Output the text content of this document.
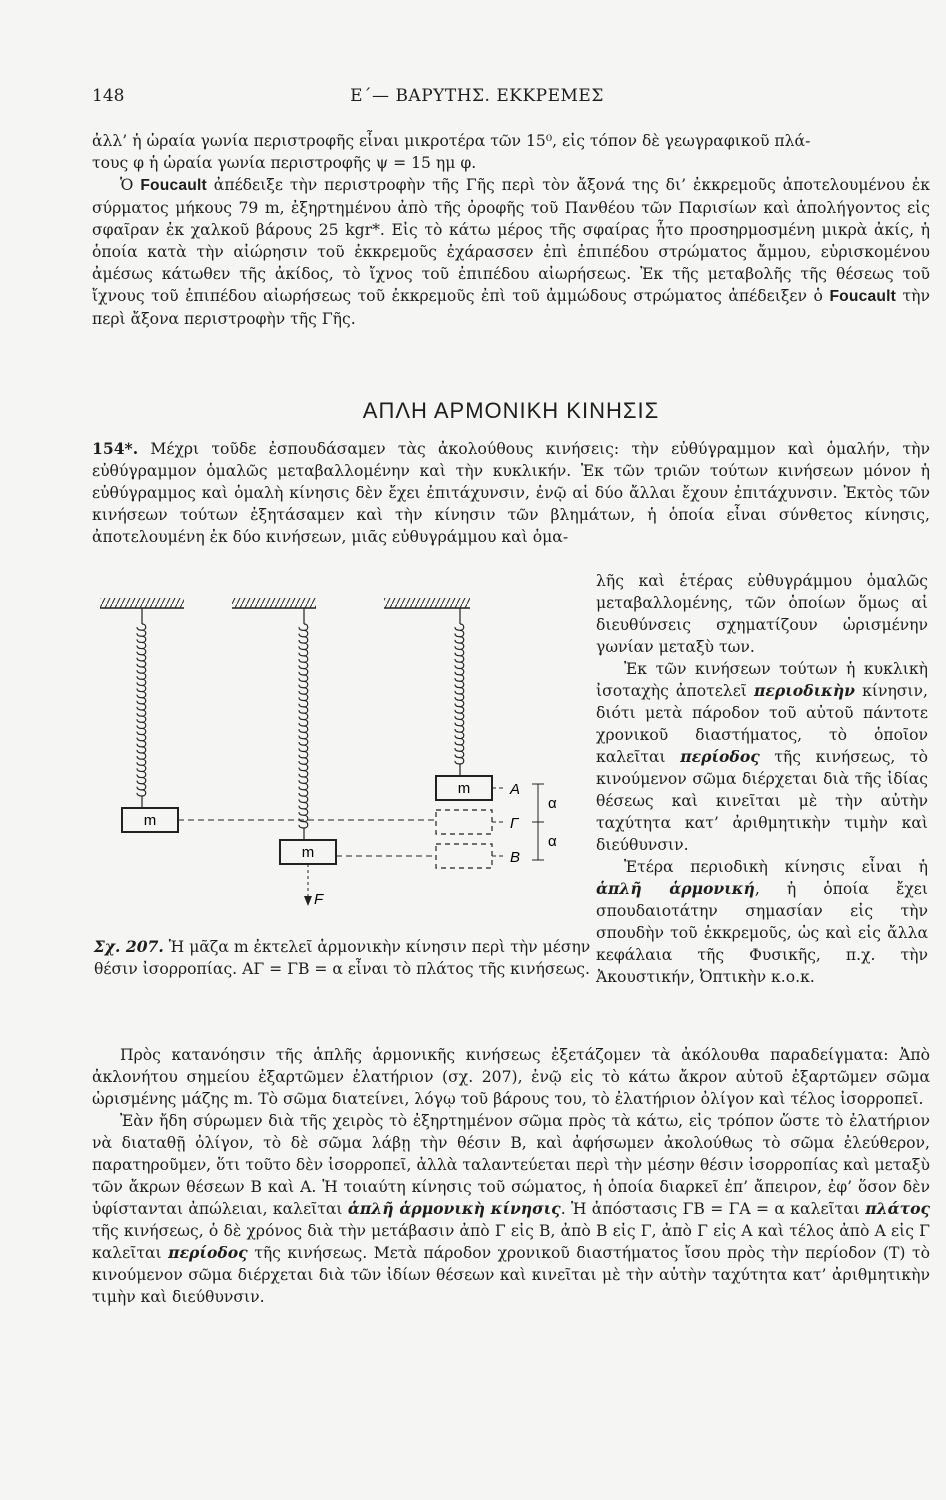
148	Ε΄— ΒΑΡΥΤΗΣ. ΕΚΚΡΕΜΕΣ

ἀλλ’ ἡ ὡραία γωνία περιστροφῆς εἶναι μικροτέρα τῶν 15⁰, εἰς τόπον δὲ γεωγραφικοῦ πλά-

τους φ ἡ ὡραία γωνία περιστροφῆς ψ = 15 ημ φ.

Ὁ Foucault ἀπέδειξε τὴν περιστροφὴν τῆς Γῆς περὶ τὸν ἄξονά της δι’ ἐκκρεμοῦς ἀποτελουμένου ἐκ σύρματος μήκους 79 m, ἐξηρτημένου ἀπὸ τῆς ὀροφῆς τοῦ Πανθέου τῶν Παρισίων καὶ ἀπολήγοντος εἰς σφαῖραν ἐκ χαλκοῦ βάρους 25 kgr*. Εἰς τὸ κάτω μέρος τῆς σφαίρας ἦτο προσηρμοσμένη μικρὰ ἀκίς, ἡ ὁποία κατὰ τὴν αἰώρησιν τοῦ ἐκκρεμοῦς ἐχάρασσεν ἐπὶ ἐπιπέδου στρώματος ἄμμου, εὑρισκομένου ἀμέσως κάτωθεν τῆς ἀκίδος, τὸ ἴχνος τοῦ ἐπιπέδου αἰωρήσεως. Ἐκ τῆς μεταβολῆς τῆς θέσεως τοῦ ἴχνους τοῦ ἐπιπέδου αἰωρήσεως τοῦ ἐκκρεμοῦς ἐπὶ τοῦ ἀμμώδους στρώματος ἀπέδειξεν ὁ Foucault τὴν περὶ ἄξονα περιστροφὴν τῆς Γῆς.

ΑΠΛΗ ΑΡΜΟΝΙΚΗ ΚΙΝΗΣΙΣ

154*. Μέχρι τοῦδε ἐσπουδάσαμεν τὰς ἀκολούθους κινήσεις: τὴν εὐθύγραμμον καὶ ὁμαλήν, τὴν εὐθύγραμμον ὁμαλῶς μεταβαλλομένην καὶ τὴν κυκλικήν. Ἐκ τῶν τριῶν τούτων κινήσεων μόνον ἡ εὐθύγραμμος καὶ ὁμαλὴ κίνησις δὲν ἔχει ἐπιτάχυνσιν, ἐνῷ αἱ δύο ἄλλαι ἔχουν ἐπιτάχυνσιν. Ἐκτὸς τῶν κινήσεων τούτων ἐξητάσαμεν καὶ τὴν κίνησιν τῶν βλημάτων, ἡ ὁποία εἶναι σύνθετος κίνησις, ἀποτελουμένη ἐκ δύο κινήσεων, μιᾶς εὐθυγράμμου καὶ ὁμα-

λῆς καὶ ἑτέρας εὐθυγράμμου ὁμαλῶς μεταβαλλομένης, τῶν ὁποίων ὅμως αἱ διευθύνσεις σχηματίζουν ὡρισμένην γωνίαν μεταξὺ των.

Ἐκ τῶν κινήσεων τούτων ἡ κυκλικὴ ἰσοταχὴς ἀποτελεῖ περιοδικὴν κίνησιν, διότι μετὰ πάροδον τοῦ αὐτοῦ πάντοτε χρονικοῦ διαστήματος, τὸ ὁποῖον καλεῖται περίοδος τῆς κινήσεως, τὸ κινούμενον σῶμα διέρχεται διὰ τῆς ἰδίας θέσεως καὶ κινεῖται μὲ τὴν αὐτὴν ταχύτητα κατ’ ἀριθμητικὴν τιμὴν καὶ διεύθυνσιν.

Ἑτέρα περιοδικὴ κίνησις εἶναι ἡ ἁπλῆ ἁρμονική, ἡ ὁποία ἔχει σπουδαιοτάτην σημασίαν εἰς τὴν σπουδὴν τοῦ ἐκκρεμοῦς, ὡς καὶ εἰς ἄλλα κεφάλαια τῆς Φυσικῆς, π.χ. τὴν Ἀκουστικήν, Ὀπτικὴν κ.ο.κ.

m
m
m	A
Γ
B
α
α
F
Σχ. 207. Ἡ μᾶζα m ἐκτελεῖ ἁρμονικὴν κίνησιν περὶ τὴν μέσην θέσιν ἰσορροπίας. ΑΓ = ΓΒ = α εἶναι τὸ πλάτος τῆς κινήσεως.

Πρὸς κατανόησιν τῆς ἁπλῆς ἁρμονικῆς κινήσεως ἐξετάζομεν τὰ ἀκόλουθα παραδείγματα: Ἀπὸ ἀκλονήτου σημείου ἐξαρτῶμεν ἐλατήριον (σχ. 207), ἐνῷ εἰς τὸ κάτω ἄκρον αὐτοῦ ἐξαρτῶμεν σῶμα ὡρισμένης μάζης m. Τὸ σῶμα διατείνει, λόγῳ τοῦ βάρους του, τὸ ἐλατήριον ὀλίγον καὶ τέλος ἰσορροπεῖ.

Ἐὰν ἤδη σύρωμεν διὰ τῆς χειρὸς τὸ ἐξηρτημένον σῶμα πρὸς τὰ κάτω, εἰς τρόπον ὥστε τὸ ἐλατήριον νὰ διαταθῇ ὀλίγον, τὸ δὲ σῶμα λάβῃ τὴν θέσιν Β, καὶ ἀφήσωμεν ἀκολούθως τὸ σῶμα ἐλεύθερον, παρατηροῦμεν, ὅτι τοῦτο δὲν ἰσορροπεῖ, ἀλλὰ ταλαντεύεται περὶ τὴν μέσην θέσιν ἰσορροπίας καὶ μεταξὺ τῶν ἄκρων θέσεων Β καὶ Α. Ἡ τοιαύτη κίνησις τοῦ σώματος, ἡ ὁποία διαρκεῖ ἐπ’ ἄπειρον, ἐφ’ ὅσον δὲν ὑφίστανται ἀπώλειαι, καλεῖται ἁπλῆ ἁρμονικὴ κίνησις. Ἡ ἀπόστασις ΓΒ = ΓΑ = α καλεῖται πλάτος τῆς κινήσεως, ὁ δὲ χρόνος διὰ τὴν μετάβασιν ἀπὸ Γ εἰς Β, ἀπὸ Β εἰς Γ, ἀπὸ Γ εἰς Α καὶ τέλος ἀπὸ Α εἰς Γ καλεῖται περίοδος τῆς κινήσεως. Μετὰ πάροδον χρονικοῦ διαστήματος ἴσου πρὸς τὴν περίοδον (Τ) τὸ κινούμενον σῶμα διέρχεται διὰ τῶν ἰδίων θέσεων καὶ κινεῖται μὲ τὴν αὐτὴν ταχύτητα κατ’ ἀριθμητικὴν τιμὴν καὶ διεύθυνσιν.
